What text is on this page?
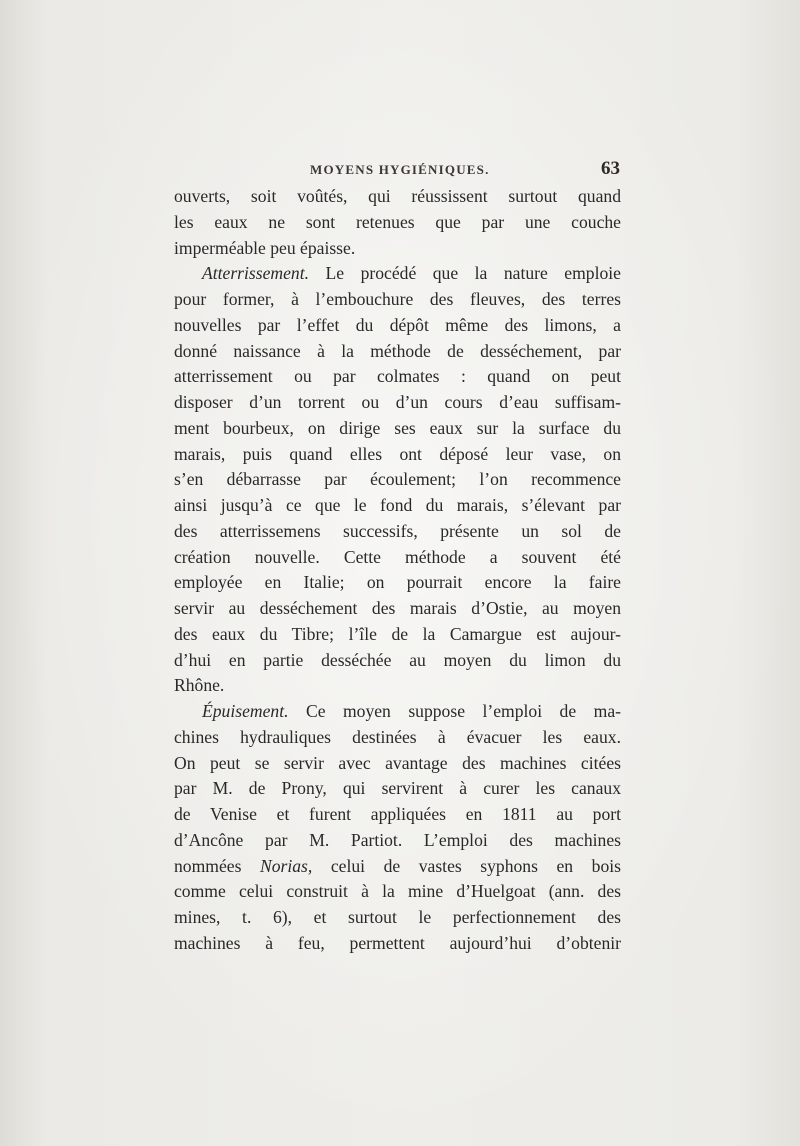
MOYENS HYGIÉNIQUES.	63
ouverts, soit voûtés, qui réussissent surtout quand
les eaux ne sont retenues que par une couche
imperméable peu épaisse.
Atterrissement. Le procédé que la nature emploie
pour former, à l’embouchure des fleuves, des terres
nouvelles par l’effet du dépôt même des limons, a
donné naissance à la méthode de desséchement, par
atterrissement ou par colmates : quand on peut
disposer d’un torrent ou d’un cours d’eau suffisam-
ment bourbeux, on dirige ses eaux sur la surface du
marais, puis quand elles ont déposé leur vase, on
s’en débarrasse par écoulement; l’on recommence
ainsi jusqu’à ce que le fond du marais, s’élevant par
des atterrissemens successifs, présente un sol de
création nouvelle. Cette méthode a souvent été
employée en Italie; on pourrait encore la faire
servir au desséchement des marais d’Ostie, au moyen
des eaux du Tibre; l’île de la Camargue est aujour-
d’hui en partie desséchée au moyen du limon du
Rhône.
Épuisement. Ce moyen suppose l’emploi de ma-
chines hydrauliques destinées à évacuer les eaux.
On peut se servir avec avantage des machines citées
par M. de Prony, qui servirent à curer les canaux
de Venise et furent appliquées en 1811 au port
d’Ancône par M. Partiot. L’emploi des machines
nommées Norias, celui de vastes syphons en bois
comme celui construit à la mine d’Huelgoat (ann. des
mines, t. 6), et surtout le perfectionnement des
machines à feu, permettent aujourd’hui d’obtenir
